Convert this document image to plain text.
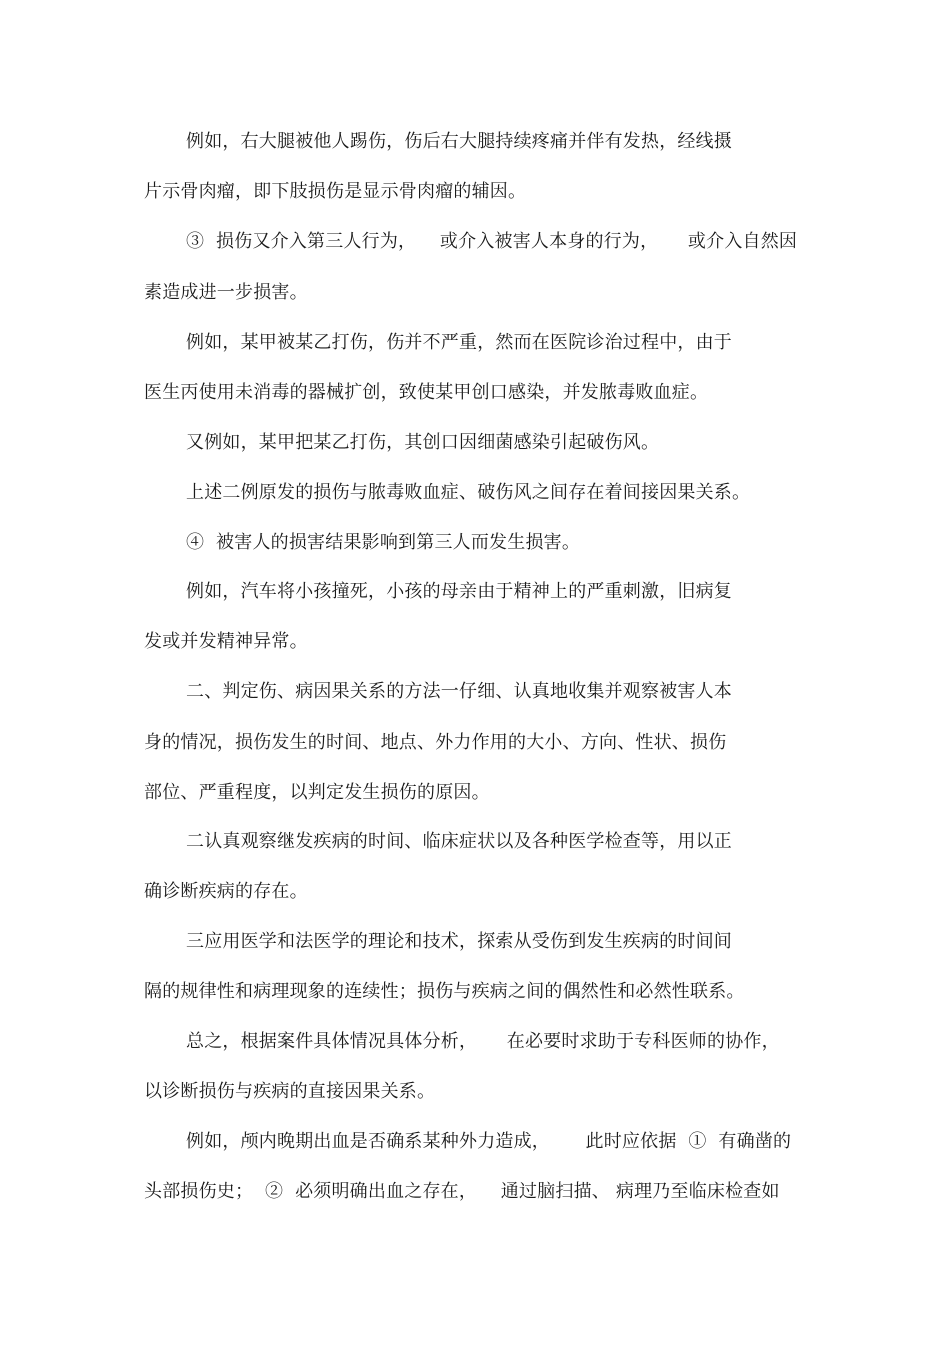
例如，右大腿被他人踢伤，伤后右大腿持续疼痛并伴有发热，经线摄
片示骨肉瘤，即下肢损伤是显示骨肉瘤的辅因。
③  损伤又介入第三人行为，    或介入被害人本身的行为，     或介入自然因
素造成进一步损害。
例如，某甲被某乙打伤，伤并不严重，然而在医院诊治过程中，由于
医生丙使用未消毒的器械扩创，致使某甲创口感染，并发脓毒败血症。
又例如，某甲把某乙打伤，其创口因细菌感染引起破伤风。
上述二例原发的损伤与脓毒败血症、破伤风之间存在着间接因果关系。
④  被害人的损害结果影响到第三人而发生损害。
例如，汽车将小孩撞死，小孩的母亲由于精神上的严重刺激，旧病复
发或并发精神异常。
二、判定伤、病因果关系的方法一仔细、认真地收集并观察被害人本
身的情况，损伤发生的时间、地点、外力作用的大小、方向、性状、损伤
部位、严重程度，以判定发生损伤的原因。
二认真观察继发疾病的时间、临床症状以及各种医学检查等，用以正
确诊断疾病的存在。
三应用医学和法医学的理论和技术，探索从受伤到发生疾病的时间间
隔的规律性和病理现象的连续性；损伤与疾病之间的偶然性和必然性联系。
总之，根据案件具体情况具体分析，     在必要时求助于专科医师的协作，
以诊断损伤与疾病的直接因果关系。
例如，颅内晚期出血是否确系某种外力造成，      此时应依据  ①  有确凿的
头部损伤史；  ②  必须明确出血之存在，    通过脑扫描、 病理乃至临床检查如
